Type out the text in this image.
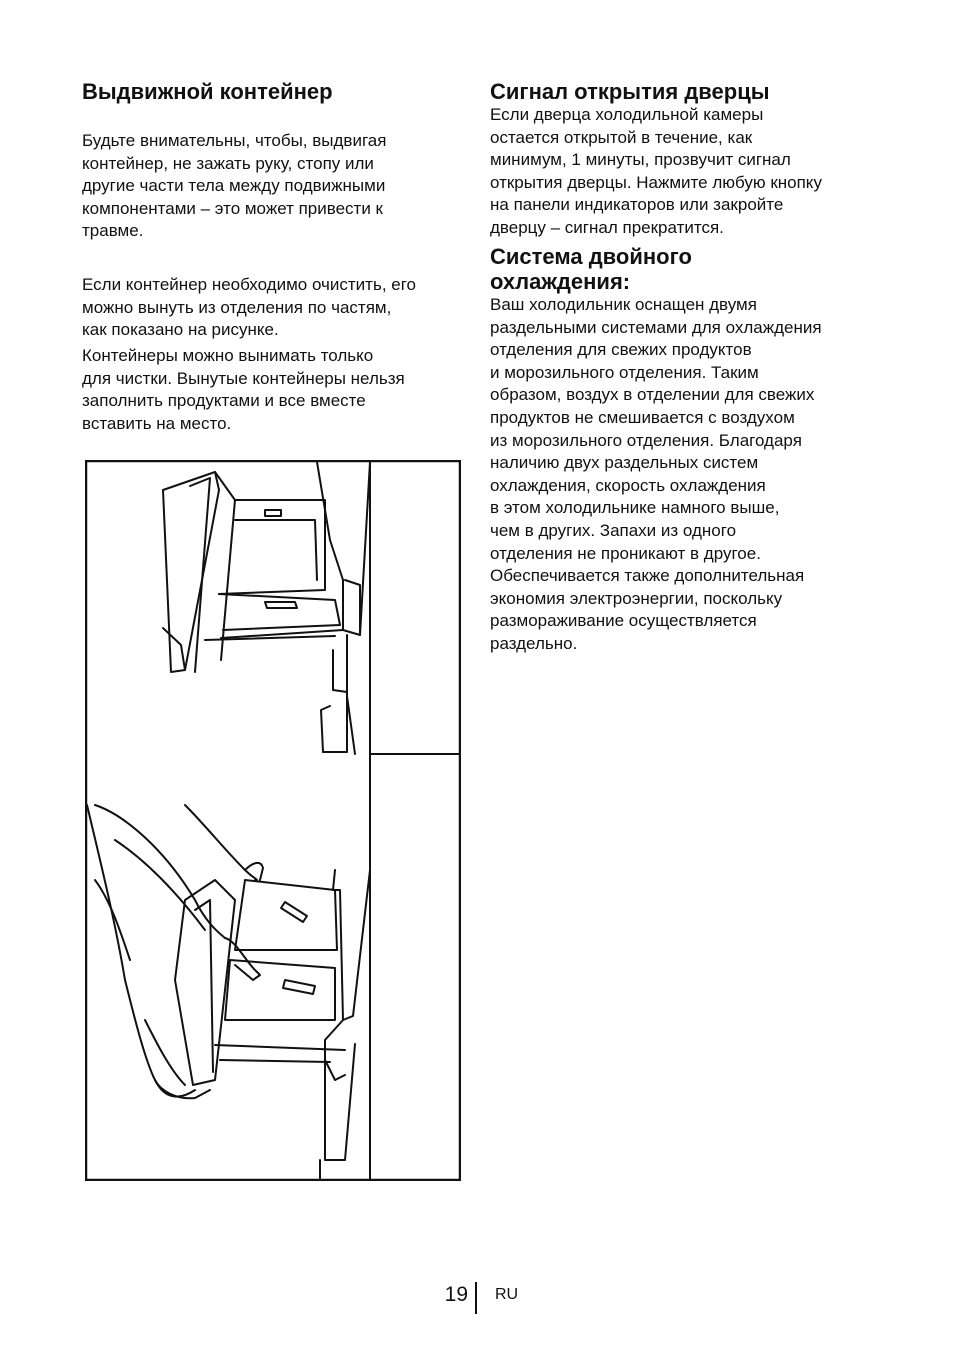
Выдвижной контейнер

Будьте внимательны, чтобы, выдвигая
контейнер, не зажать руку, стопу или
другие части тела между подвижными
компонентами – это может привести к
травме.

Если контейнер необходимо очистить, его
можно вынуть из отделения по частям,
как показано на рисунке.

Контейнеры можно вынимать только
для чистки. Вынутые контейнеры нельзя
заполнить продуктами и все вместе
вставить на место.

Сигнал открытия дверцы

Если дверца холодильной камеры
остается открытой в течение, как
минимум, 1 минуты, прозвучит сигнал
открытия дверцы. Нажмите любую кнопку
на панели индикаторов или закройте
дверцу – сигнал прекратится.

Система двойного
охлаждения:

Ваш холодильник оснащен двумя
раздельными системами для охлаждения
отделения для свежих продуктов
и морозильного отделения. Таким
образом, воздух в отделении для свежих
продуктов не смешивается с воздухом
из морозильного отделения. Благодаря
наличию двух раздельных систем
охлаждения, скорость охлаждения
в этом холодильнике намного выше,
чем в других. Запахи из одного
отделения не проникают в другое.
Обеспечивается также дополнительная
экономия электроэнергии, поскольку
размораживание осуществляется
раздельно.

19 RU
